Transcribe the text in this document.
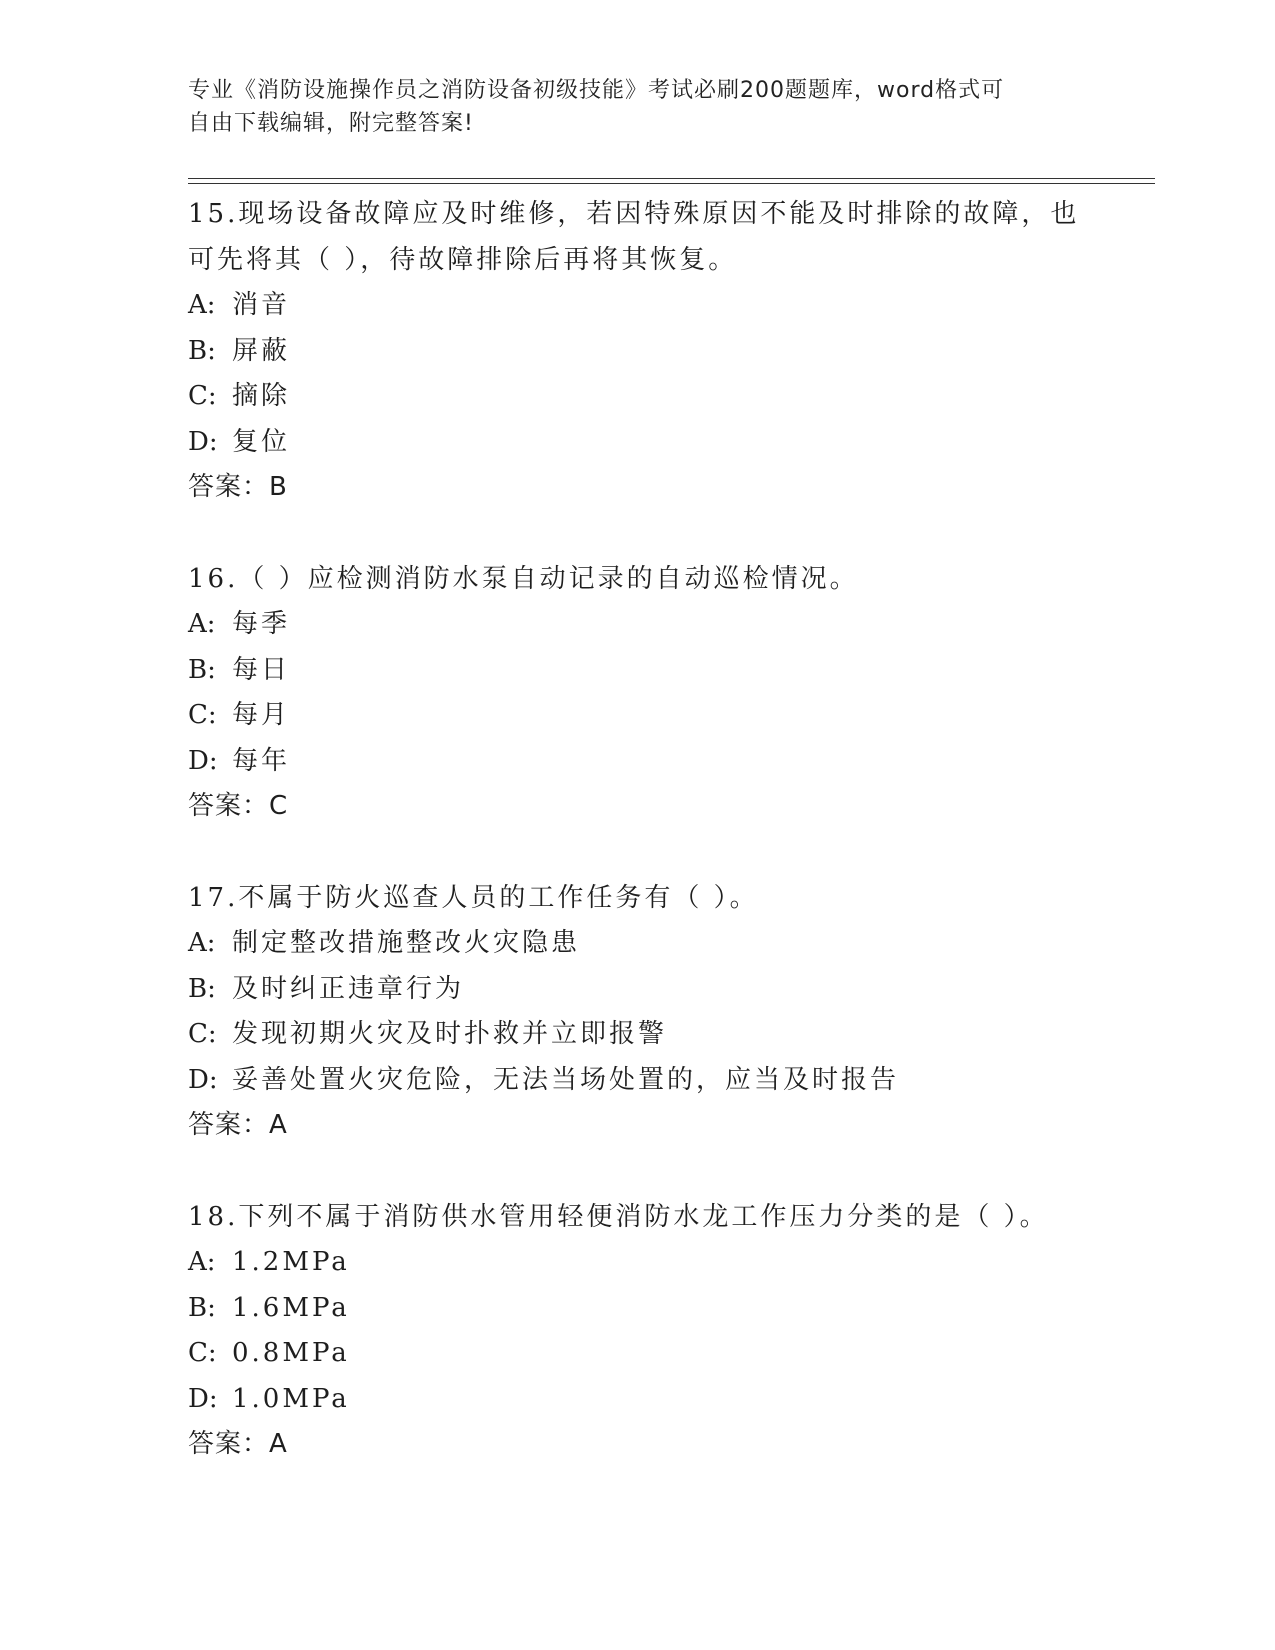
专业《消防设施操作员之消防设备初级技能》考试必刷200题题库，word格式可
自由下载编辑，附完整答案!
15.现场设备故障应及时维修，若因特殊原因不能及时排除的故障，也
可先将其（ ），待故障排除后再将其恢复。
A: 消音
B: 屏蔽
C: 摘除
D: 复位
答案：B
16.（ ）应检测消防水泵自动记录的自动巡检情况。
A: 每季
B: 每日
C: 每月
D: 每年
答案：C
17.不属于防火巡查人员的工作任务有（ ）。
A: 制定整改措施整改火灾隐患
B: 及时纠正违章行为
C: 发现初期火灾及时扑救并立即报警
D: 妥善处置火灾危险，无法当场处置的，应当及时报告
答案：A
18.下列不属于消防供水管用轻便消防水龙工作压力分类的是（ ）。
A: 1.2MPa
B: 1.6MPa
C: 0.8MPa
D: 1.0MPa
答案：A
